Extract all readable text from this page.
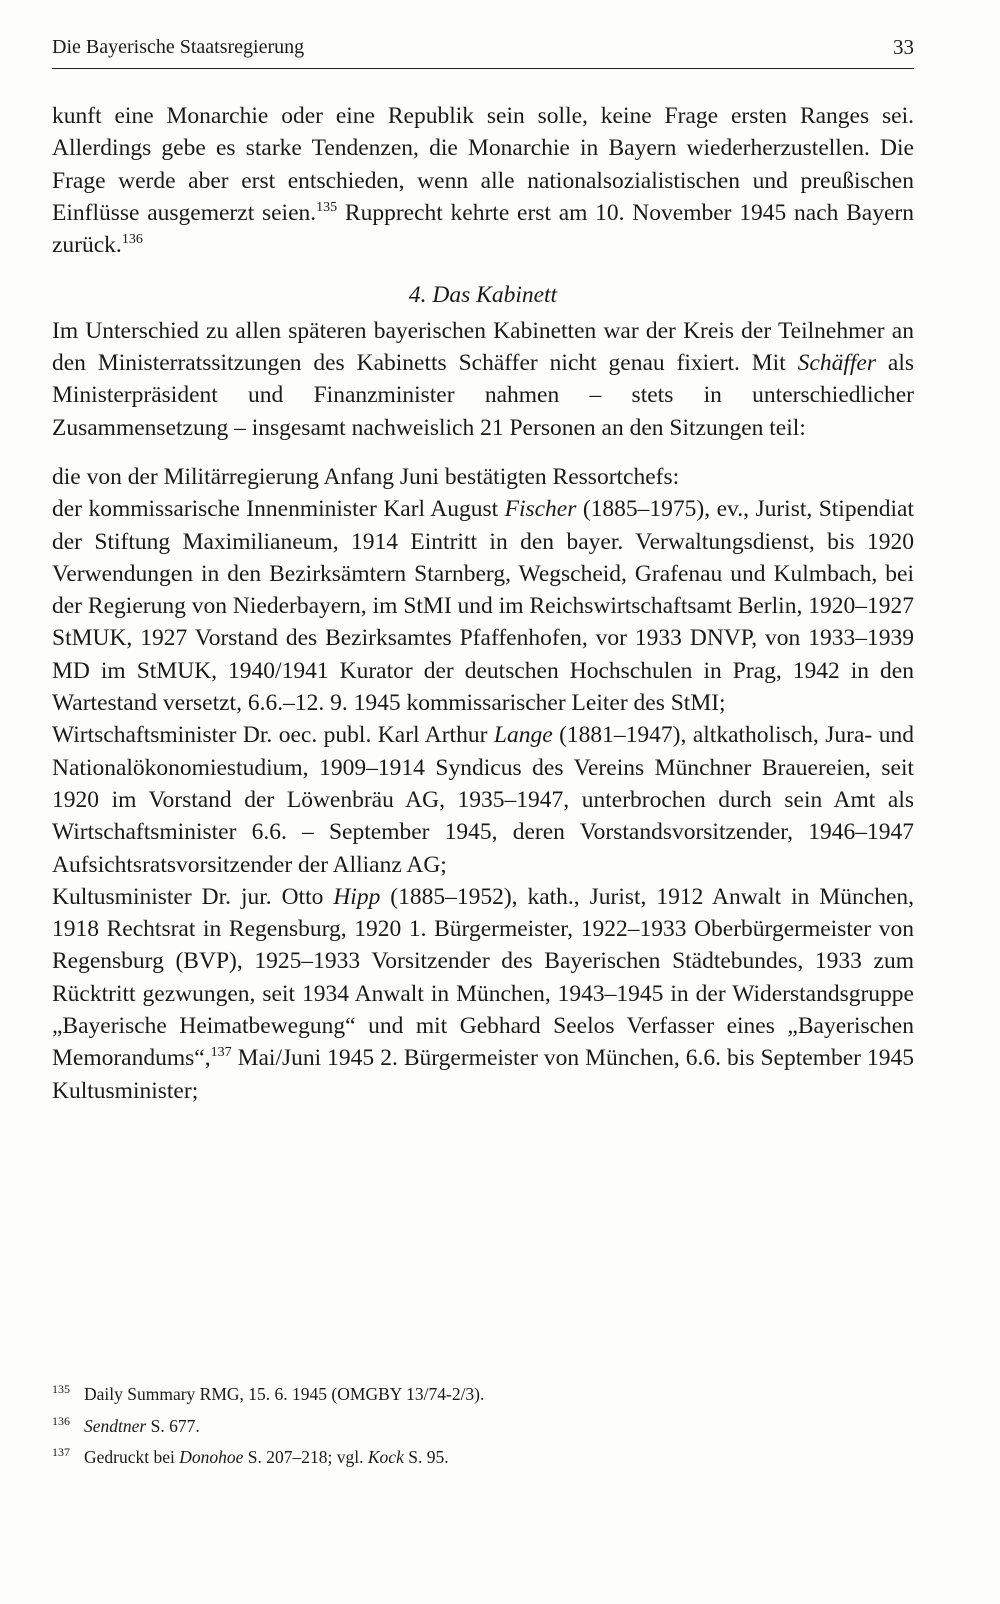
Die Bayerische Staatsregierung	33

kunft eine Monarchie oder eine Republik sein solle, keine Frage ersten Ranges sei. Allerdings gebe es starke Tendenzen, die Monarchie in Bayern wiederherzustellen. Die Frage werde aber erst entschieden, wenn alle nationalsozialistischen und preußischen Einflüsse ausgemerzt seien.$^{135}$ Rupprecht kehrte erst am 10. November 1945 nach Bayern zurück.$^{136}$

4. Das Kabinett

Im Unterschied zu allen späteren bayerischen Kabinetten war der Kreis der Teilnehmer an den Ministerratssitzungen des Kabinetts Schäffer nicht genau fixiert. Mit Schäffer als Ministerpräsident und Finanzminister nahmen – stets in unterschiedlicher Zusammensetzung – insgesamt nachweislich 21 Personen an den Sitzungen teil:

die von der Militärregierung Anfang Juni bestätigten Ressortchefs:

der kommissarische Innenminister Karl August Fischer (1885–1975), ev., Jurist, Stipendiat der Stiftung Maximilianeum, 1914 Eintritt in den bayer. Verwaltungsdienst, bis 1920 Verwendungen in den Bezirksämtern Starnberg, Wegscheid, Grafenau und Kulmbach, bei der Regierung von Niederbayern, im StMI und im Reichswirtschaftsamt Berlin, 1920–1927 StMUK, 1927 Vorstand des Bezirksamtes Pfaffenhofen, vor 1933 DNVP, von 1933–1939 MD im StMUK, 1940/1941 Kurator der deutschen Hochschulen in Prag, 1942 in den Wartestand versetzt, 6.6.–12. 9. 1945 kommissarischer Leiter des StMI;

Wirtschaftsminister Dr. oec. publ. Karl Arthur Lange (1881–1947), altkatholisch, Jura- und Nationalökonomiestudium, 1909–1914 Syndicus des Vereins Münchner Brauereien, seit 1920 im Vorstand der Löwenbräu AG, 1935–1947, unterbrochen durch sein Amt als Wirtschaftsminister 6.6. – September 1945, deren Vorstandsvorsitzender, 1946–1947 Aufsichtsratsvorsitzender der Allianz AG;

Kultusminister Dr. jur. Otto Hipp (1885–1952), kath., Jurist, 1912 Anwalt in München, 1918 Rechtsrat in Regensburg, 1920 1. Bürgermeister, 1922–1933 Oberbürgermeister von Regensburg (BVP), 1925–1933 Vorsitzender des Bayerischen Städtebundes, 1933 zum Rücktritt gezwungen, seit 1934 Anwalt in München, 1943–1945 in der Widerstandsgruppe „Bayerische Heimatbewegung“ und mit Gebhard Seelos Verfasser eines „Bayerischen Memorandums“,$^{137}$ Mai/Juni 1945 2. Bürgermeister von München, 6.6. bis September 1945 Kultusminister;

135 Daily Summary RMG, 15. 6. 1945 (OMGBY 13/74-2/3).

136 Sendtner S. 677.

137 Gedruckt bei Donohoe S. 207–218; vgl. Kock S. 95.
